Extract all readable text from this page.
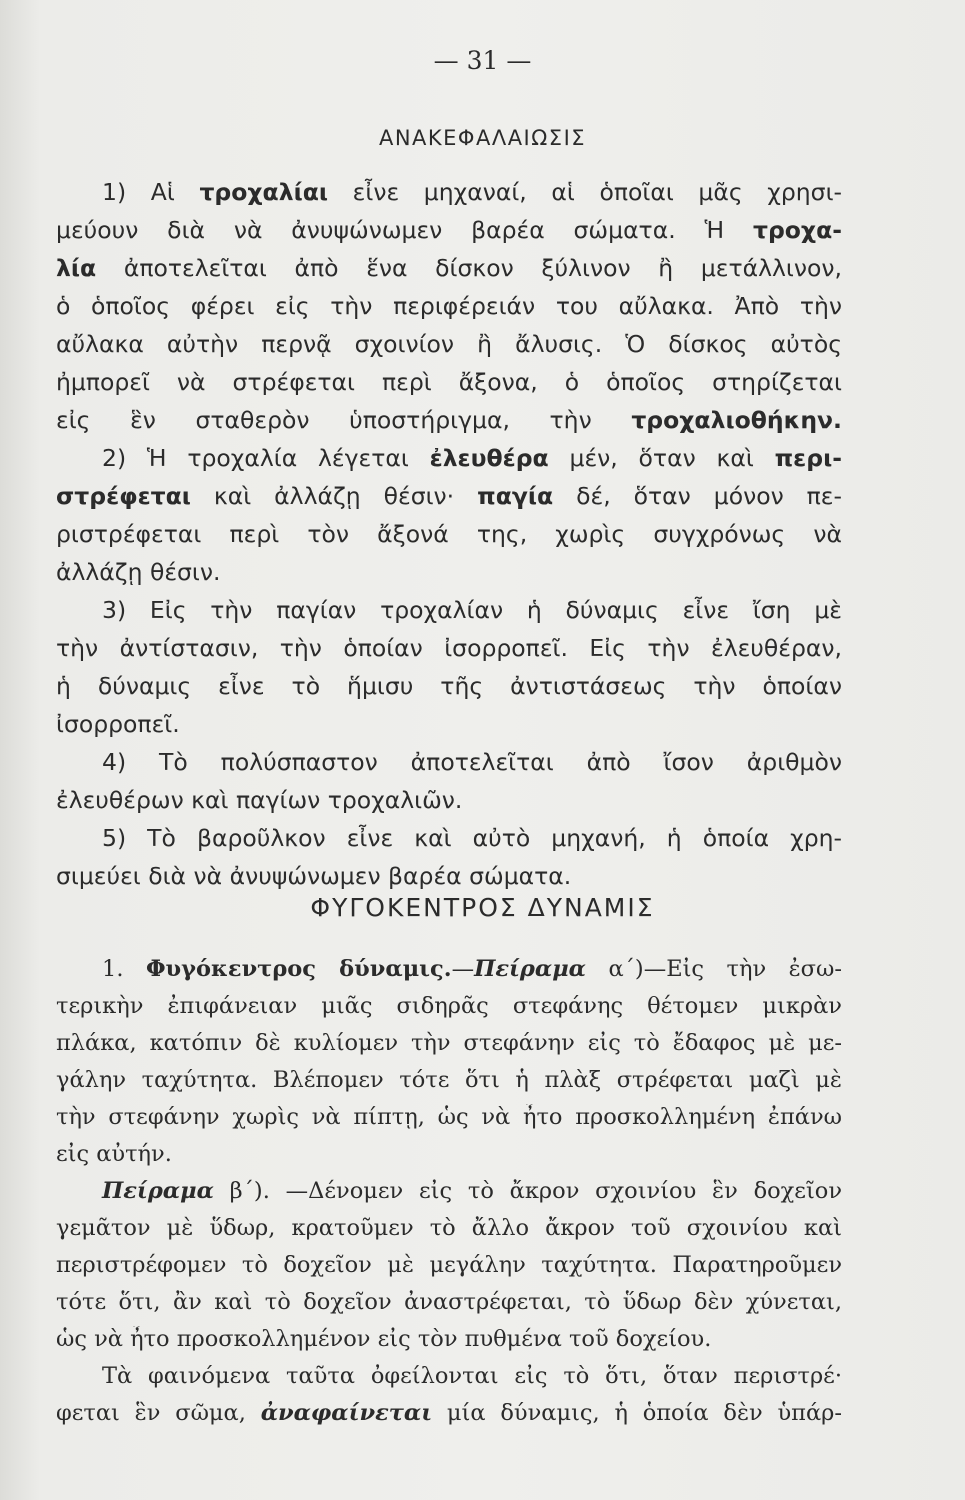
— 31 —
ΑΝΑΚΕΦΑΛΑΙΩΣΙΣ
1) Αἱ τροχαλίαι εἶνε μηχαναί, αἱ ὁποῖαι μᾶς χρησι-
μεύουν διὰ νὰ ἀνυψώνωμεν βαρέα σώματα. Ἡ τροχα-
λία ἀποτελεῖται ἀπὸ ἕνα δίσκον ξύλινον ἢ μετάλλινον,
ὁ ὁποῖος φέρει εἰς τὴν περιφέρειάν του αὔλακα. Ἀπὸ τὴν
αὔλακα αὐτὴν περνᾷ σχοινίον ἢ ἄλυσις. Ὁ δίσκος αὐτὸς
ἠμπορεῖ νὰ στρέφεται περὶ ἄξονα, ὁ ὁποῖος στηρίζεται
εἰς ἓν σταθερὸν ὑποστήριγμα, τὴν τροχαλιοθήκην.
2) Ἡ τροχαλία λέγεται ἐλευθέρα μέν, ὅταν καὶ περι-
στρέφεται καὶ ἀλλάζῃ θέσιν· παγία δέ, ὅταν μόνον πε-
ριστρέφεται περὶ τὸν ἄξονά της, χωρὶς συγχρόνως νὰ
ἀλλάζῃ θέσιν.
3) Εἰς τὴν παγίαν τροχαλίαν ἡ δύναμις εἶνε ἴση μὲ
τὴν ἀντίστασιν, τὴν ὁποίαν ἰσορροπεῖ. Εἰς τὴν ἐλευθέραν,
ἡ δύναμις εἶνε τὸ ἥμισυ τῆς ἀντιστάσεως τὴν ὁποίαν
ἰσορροπεῖ.
4) Τὸ πολύσπαστον ἀποτελεῖται ἀπὸ ἴσον ἀριθμὸν
ἐλευθέρων καὶ παγίων τροχαλιῶν.
5) Τὸ βαροῦλκον εἶνε καὶ αὐτὸ μηχανή, ἡ ὁποία χρη-
σιμεύει διὰ νὰ ἀνυψώνωμεν βαρέα σώματα.
ΦΥΓΟΚΕΝΤΡΟΣ ΔΥΝΑΜΙΣ
1. Φυγόκεντρος δύναμις.—Πείραμα α΄)—Εἰς τὴν ἐσω-
τερικὴν ἐπιφάνειαν μιᾶς σιδηρᾶς στεφάνης θέτομεν μικρὰν
πλάκα, κατόπιν δὲ κυλίομεν τὴν στεφάνην εἰς τὸ ἔδαφος μὲ με-
γάλην ταχύτητα. Βλέπομεν τότε ὅτι ἡ πλὰξ στρέφεται μαζὶ μὲ
τὴν στεφάνην χωρὶς νὰ πίπτῃ, ὡς νὰ ἦτο προσκολλημένη ἐπάνω
εἰς αὐτήν.
Πείραμα β΄). —Δένομεν εἰς τὸ ἄκρον σχοινίου ἓν δοχεῖον
γεμᾶτον μὲ ὕδωρ, κρατοῦμεν τὸ ἄλλο ἄκρον τοῦ σχοινίου καὶ
περιστρέφομεν τὸ δοχεῖον μὲ μεγάλην ταχύτητα. Παρατηροῦμεν
τότε ὅτι, ἂν καὶ τὸ δοχεῖον ἀναστρέφεται, τὸ ὕδωρ δὲν χύνεται,
ὡς νὰ ἦτο προσκολλημένον εἰς τὸν πυθμένα τοῦ δοχείου.
Τὰ φαινόμενα ταῦτα ὀφείλονται εἰς τὸ ὅτι, ὅταν περιστρέ·
φεται ἓν σῶμα, ἀναφαίνεται μία δύναμις, ἡ ὁποία δὲν ὑπάρ-
